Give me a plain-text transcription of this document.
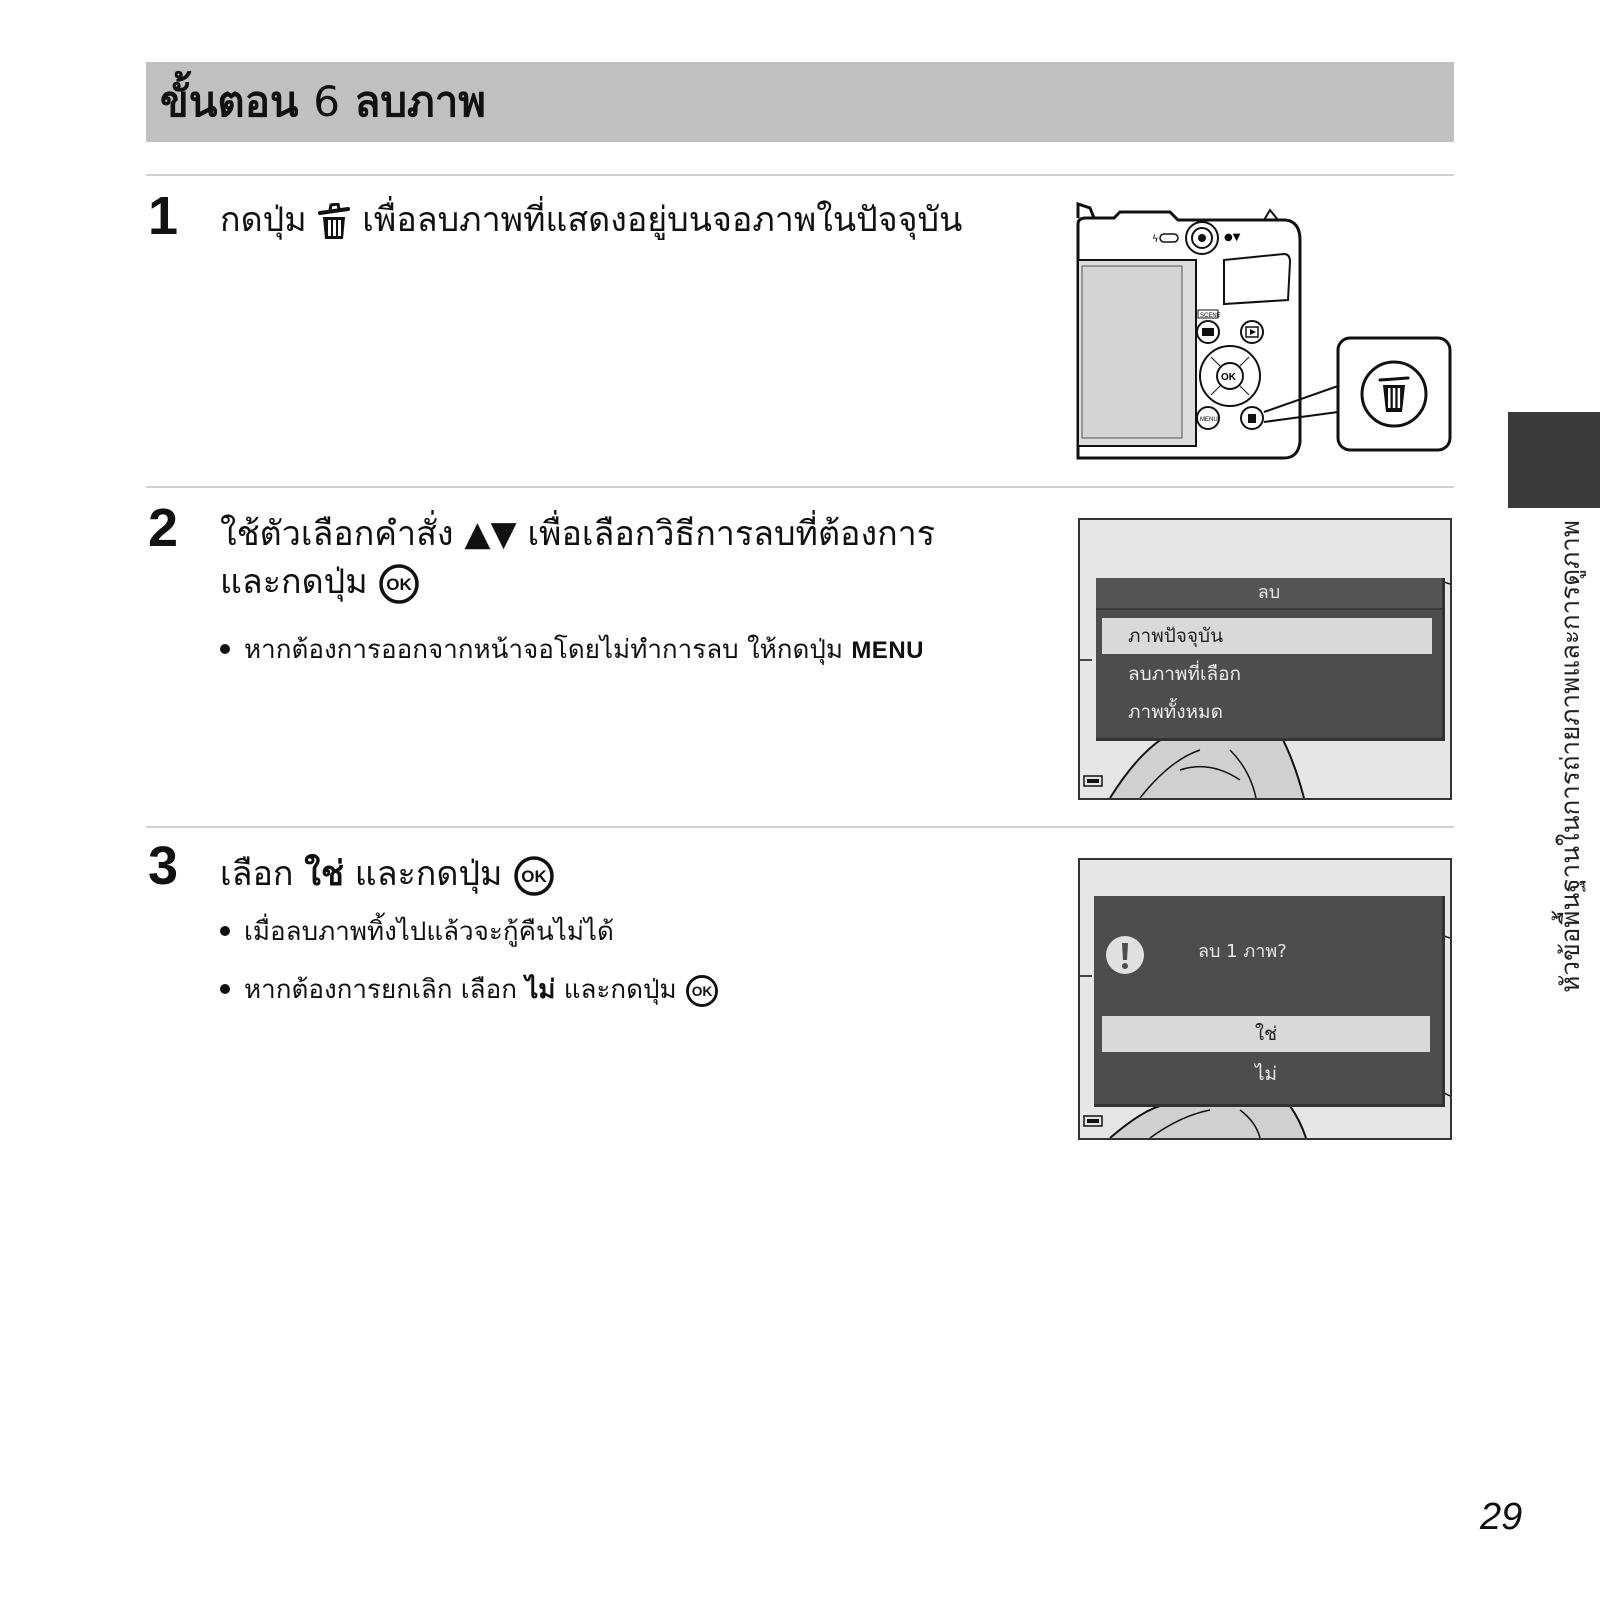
ขั้นตอน 6 ลบภาพ
1 กดปุ่ม เพื่อลบภาพที่แสดงอยู่บนจอภาพในปัจจุบัน	ϟ	●▼
SCENE
OK
MENU
2 ใช้ตัวเลือกคำสั่ง ▲▼ เพื่อเลือกวิธีการลบที่ต้องการ
และกดปุ่ม OK
หากต้องการออกจากหน้าจอโดยไม่ทำการลบ ให้กดปุ่ม MENU
ลบ
ภาพปัจจุบัน
ลบภาพที่เลือก
ภาพทั้งหมด
3 เลือก ใช่ และกดปุ่ม OK
เมื่อลบภาพทิ้งไปแล้วจะกู้คืนไม่ได้
หากต้องการยกเลิก เลือก ไม่ และกดปุ่ม OK
ลบ 1 ภาพ?
ใช่
ไม่
หัวข้อพื้นฐานในการถ่ายภาพและการดูภาพ
29
